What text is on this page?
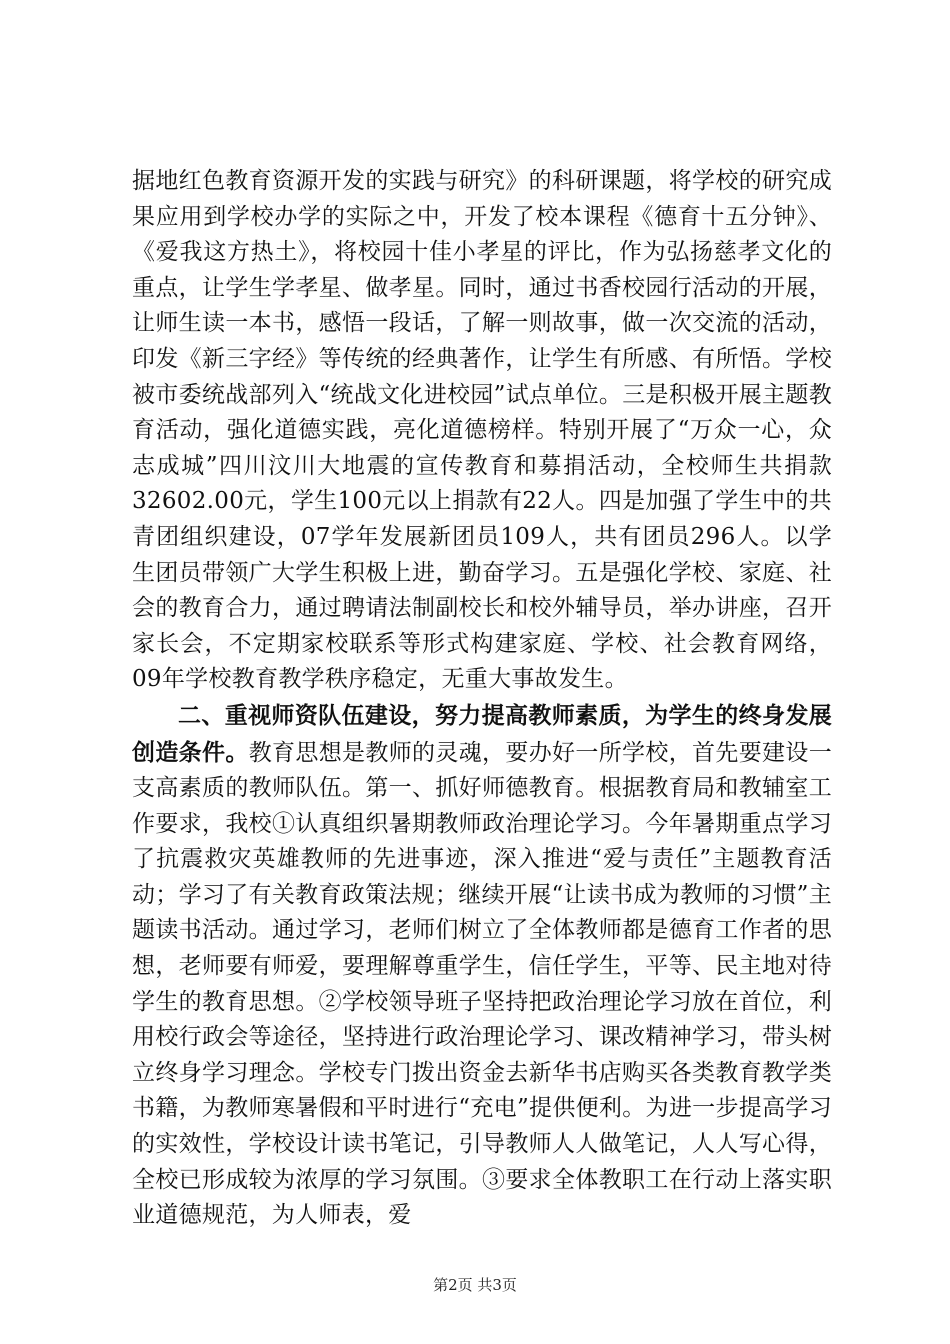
据地红色教育资源开发的实践与研究》的科研课题，将学校的研究成果应用到学校办学的实际之中，开发了校本课程《德育十五分钟》、《爱我这方热土》，将校园十佳小孝星的评比，作为弘扬慈孝文化的重点，让学生学孝星、做孝星。同时，通过书香校园行活动的开展，让师生读一本书，感悟一段话，了解一则故事，做一次交流的活动，印发《新三字经》等传统的经典著作，让学生有所感、有所悟。学校被市委统战部列入“统战文化进校园”试点单位。三是积极开展主题教育活动，强化道德实践，亮化道德榜样。特别开展了“万众一心，众志成城”四川汶川大地震的宣传教育和募捐活动，全校师生共捐款32602.00元，学生100元以上捐款有22人。四是加强了学生中的共青团组织建设，07学年发展新团员109人，共有团员296人。以学生团员带领广大学生积极上进，勤奋学习。五是强化学校、家庭、社会的教育合力，通过聘请法制副校长和校外辅导员，举办讲座，召开家长会，不定期家校联系等形式构建家庭、学校、社会教育网络，09年学校教育教学秩序稳定，无重大事故发生。

二、重视师资队伍建设，努力提高教师素质，为学生的终身发展创造条件。教育思想是教师的灵魂，要办好一所学校，首先要建设一支高素质的教师队伍。第一、抓好师德教育。根据教育局和教辅室工作要求，我校①认真组织暑期教师政治理论学习。今年暑期重点学习了抗震救灾英雄教师的先进事迹，深入推进“爱与责任”主题教育活动；学习了有关教育政策法规；继续开展“让读书成为教师的习惯”主题读书活动。通过学习，老师们树立了全体教师都是德育工作者的思想，老师要有师爱，要理解尊重学生，信任学生，平等、民主地对待学生的教育思想。②学校领导班子坚持把政治理论学习放在首位，利用校行政会等途径，坚持进行政治理论学习、课改精神学习，带头树立终身学习理念。学校专门拨出资金去新华书店购买各类教育教学类书籍，为教师寒暑假和平时进行“充电”提供便利。为进一步提高学习的实效性，学校设计读书笔记，引导教师人人做笔记，人人写心得，全校已形成较为浓厚的学习氛围。③要求全体教职工在行动上落实职业道德规范，为人师表，爱

第2页 共3页
